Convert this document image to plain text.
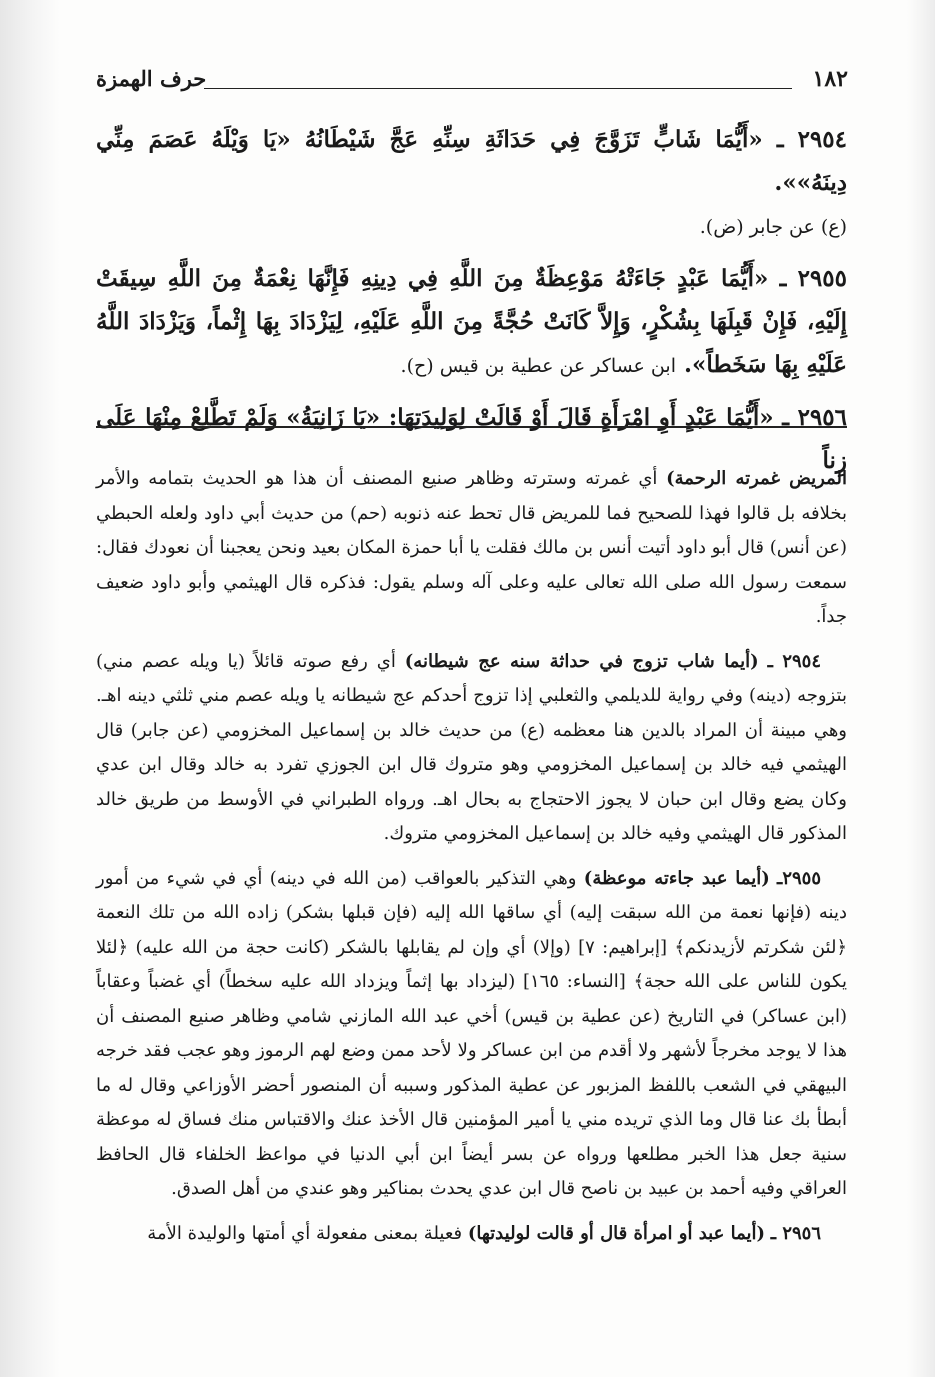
١٨٢
حرف الهمزة

٢٩٥٤ ـ «أَيُّمَا شَابٍّ تَزَوَّجَ فِي حَدَاثَةِ سِنِّهِ عَجَّ شَيْطَانُهُ «يَا وَيْلَهُ عَصَمَ مِنِّي دِينَهُ»».
(ع) عن جابر (ض).

٢٩٥٥ ـ «أَيُّمَا عَبْدٍ جَاءَتْهُ مَوْعِظَةٌ مِنَ اللَّهِ فِي دِينِهِ فَإِنَّهَا نِعْمَةٌ مِنَ اللَّهِ سِيقَتْ إِلَيْهِ، فَإِنْ قَبِلَهَا بِشُكْرٍ، وَإِلاَّ كَانَتْ حُجَّةً مِنَ اللَّهِ عَلَيْهِ، لِيَزْدَادَ بِهَا إِثْماً، وَيَزْدَادَ اللَّهُ عَلَيْهِ بِهَا سَخَطاً». ابن عساكر عن عطية بن قيس (ح).

٢٩٥٦ ـ «أَيُّمَا عَبْدٍ أَوِ امْرَأَةٍ قَالَ أَوْ قَالَتْ لِوَلِيدَتِهَا: «يَا زَانِيَةُ» وَلَمْ تَطَّلِعْ مِنْهَا عَلَى زِناً

المريض غمرته الرحمة) أي غمرته وسترته وظاهر صنيع المصنف أن هذا هو الحديث بتمامه والأمر بخلافه بل قالوا فهذا للصحيح فما للمريض قال تحط عنه ذنوبه (حم) من حديث أبي داود ولعله الحبطي (عن أنس) قال أبو داود أتيت أنس بن مالك فقلت يا أبا حمزة المكان بعيد ونحن يعجبنا أن نعودك فقال: سمعت رسول الله صلى الله تعالى عليه وعلى آله وسلم يقول: فذكره قال الهيثمي وأبو داود ضعيف جداً.

٢٩٥٤ ـ (أيما شاب تزوج في حداثة سنه عج شيطانه) أي رفع صوته قائلاً (يا ويله عصم مني) بتزوجه (دينه) وفي رواية للديلمي والثعلبي إذا تزوج أحدكم عج شيطانه يا ويله عصم مني ثلثي دينه اهـ. وهي مبينة أن المراد بالدين هنا معظمه (ع) من حديث خالد بن إسماعيل المخزومي (عن جابر) قال الهيثمي فيه خالد بن إسماعيل المخزومي وهو متروك قال ابن الجوزي تفرد به خالد وقال ابن عدي وكان يضع وقال ابن حبان لا يجوز الاحتجاج به بحال اهـ. ورواه الطبراني في الأوسط من طريق خالد المذكور قال الهيثمي وفيه خالد بن إسماعيل المخزومي متروك.

٢٩٥٥ـ (أيما عبد جاءته موعظة) وهي التذكير بالعواقب (من الله في دينه) أي في شيء من أمور دينه (فإنها نعمة من الله سبقت إليه) أي ساقها الله إليه (فإن قبلها بشكر) زاده الله من تلك النعمة ﴿لئن شكرتم لأزيدنكم﴾ [إبراهيم: ٧] (وإلا) أي وإن لم يقابلها بالشكر (كانت حجة من الله عليه) ﴿لئلا يكون للناس على الله حجة﴾ [النساء: ١٦٥] (ليزداد بها إثماً ويزداد الله عليه سخطاً) أي غضباً وعقاباً (ابن عساكر) في التاريخ (عن عطية بن قيس) أخي عبد الله المازني شامي وظاهر صنيع المصنف أن هذا لا يوجد مخرجاً لأشهر ولا أقدم من ابن عساكر ولا لأحد ممن وضع لهم الرموز وهو عجب فقد خرجه البيهقي في الشعب باللفظ المزبور عن عطية المذكور وسببه أن المنصور أحضر الأوزاعي وقال له ما أبطأ بك عنا قال وما الذي تريده مني يا أمير المؤمنين قال الأخذ عنك والاقتباس منك فساق له موعظة سنية جعل هذا الخبر مطلعها ورواه عن بسر أيضاً ابن أبي الدنيا في مواعظ الخلفاء قال الحافظ العراقي وفيه أحمد بن عبيد بن ناصح قال ابن عدي يحدث بمناكير وهو عندي من أهل الصدق.

٢٩٥٦ ـ (أيما عبد أو امرأة قال أو قالت لوليدتها) فعيلة بمعنى مفعولة أي أمتها والوليدة الأمة
